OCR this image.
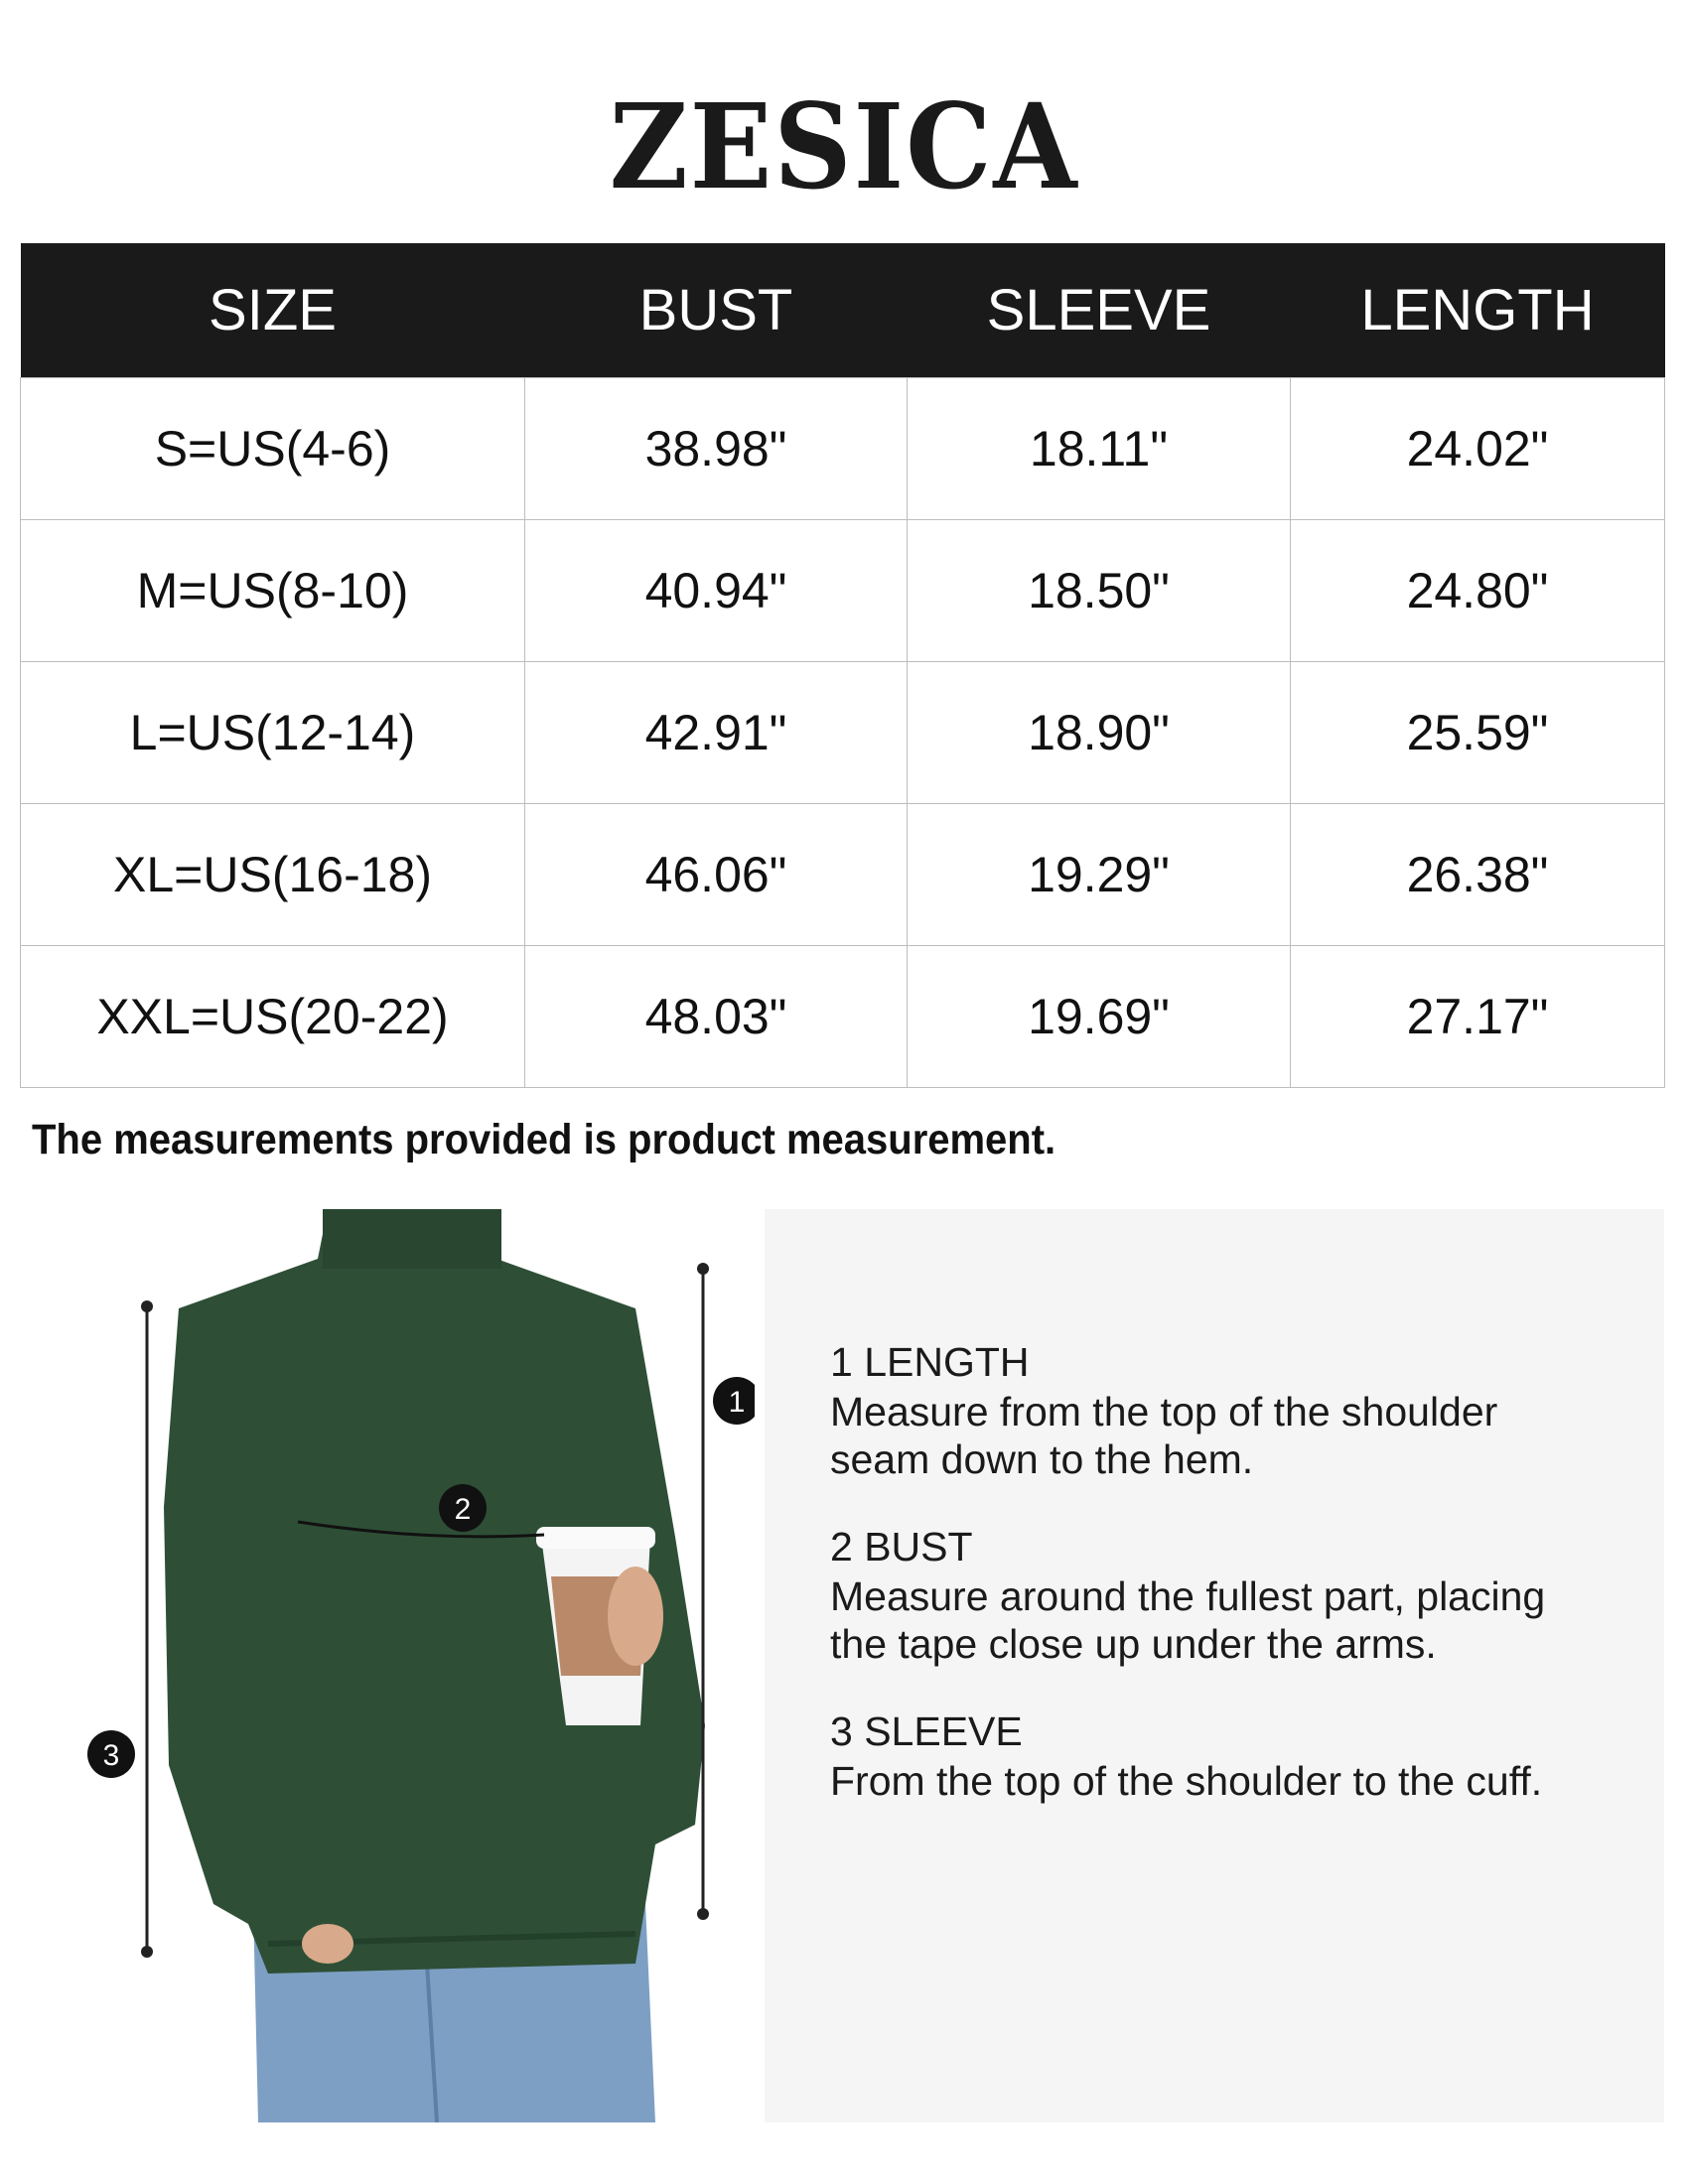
ZESICA
SIZE	BUST	SLEEVE	LENGTH
S=US(4-6)	38.98"	18.11"	24.02"
M=US(8-10)	40.94"	18.50"	24.80"
L=US(12-14)	42.91"	18.90"	25.59"
XL=US(16-18)	46.06"	19.29"	26.38"
XXL=US(20-22)	48.03"	19.69"	27.17"
The measurements provided is product measurement.
1
2
3
1 LENGTH
Measure from the top of the shoulder
seam down to the hem.
2 BUST
Measure around the fullest part, placing
the tape close up under the arms.
3 SLEEVE
From the top of the shoulder to the cuff.
